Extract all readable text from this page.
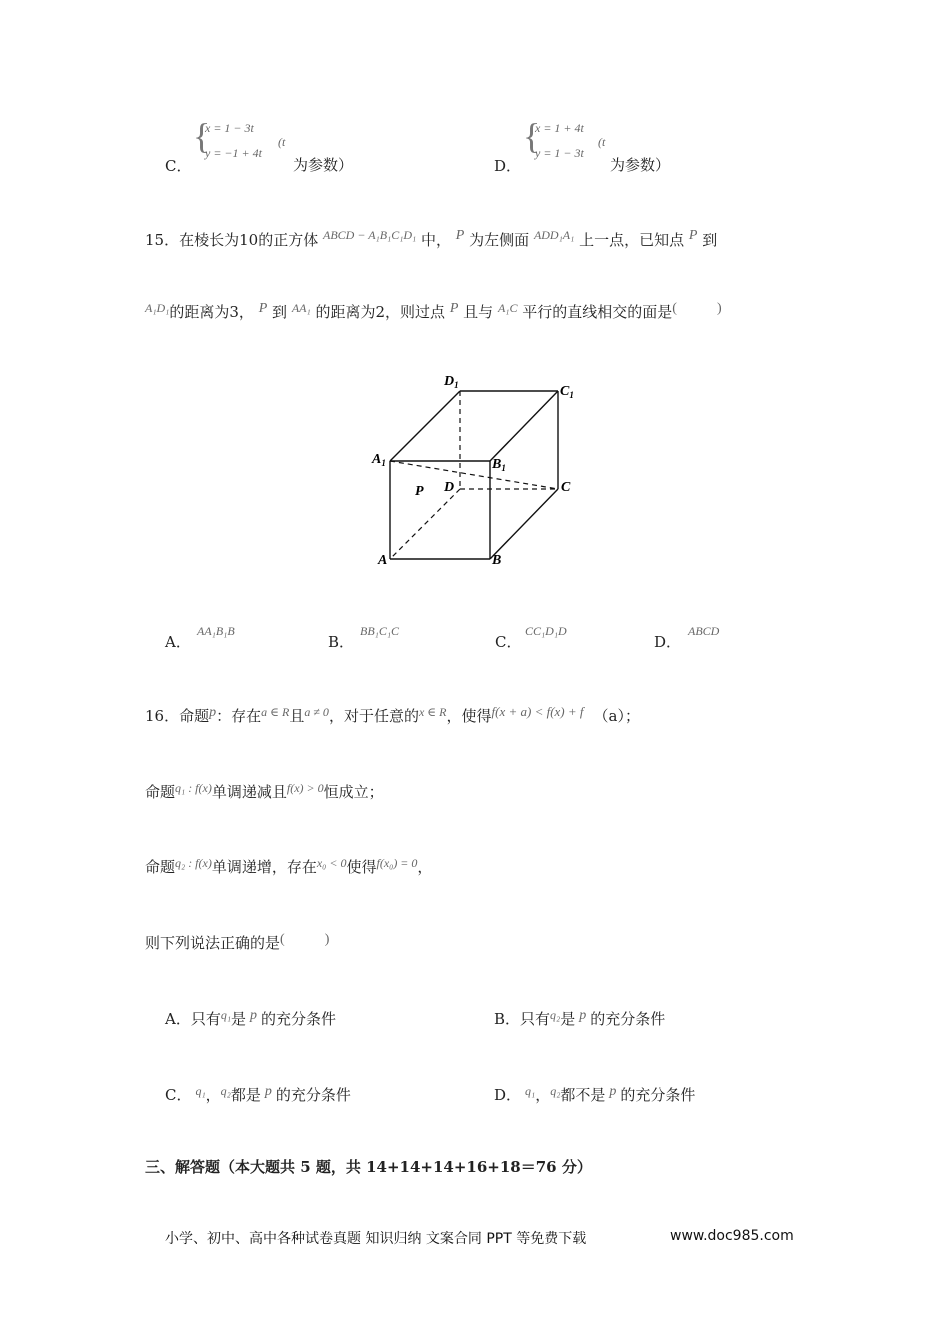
C．
{
x = 1 − 3t
y = −1 + 4t
(t
为参数）	D．
{
x = 1 + 4t
y = 1 − 3t
(t
为参数）
15．在棱长为10的正方体 $^{ABCD - A_1B_1C_1D_1}$ 中， P 为左侧面 $^{ADD_1A_1}$ 上一点，已知点 P 到
$^{A_1D_1}$的距离为3， P 到 $^{AA_1}$ 的距离为2，则过点 P 且与 $^{A_1C}$ 平行的直线相交的面是(	)
$D_1$	$C_1$
$A_1$	$B_1$
P D	C
A	B
A．
AA₁B₁B
B．
BB₁C₁C
C．
CC₁D₁D
D．
ABCD
16．命题p：存在$^{a \in R}$且$^{a \ne 0}$，对于任意的$^{x \in R}$，使得f(x + a) < f(x) + f （a）；
命题$^{q_1 : f(x)}$单调递减且$^{f(x) > 0}$恒成立；
命题$^{q_2 : f(x)}$单调递增，存在$^{x_0 < 0}$使得$^{f(x_0) = 0}$，
则下列说法正确的是(	)
A．只有$^{q_1}$是 p 的充分条件	B．只有$^{q_2}$是 p 的充分条件
C． $^{q_1}$，$^{q_2}$都是 p 的充分条件	D． $^{q_1}$，$^{q_2}$都不是 p 的充分条件
三、解答题（本大题共 5 题，共 14+14+14+16+18＝76 分）
小学、初中、高中各种试卷真题 知识归纳 文案合同 PPT 等免费下载	www.doc985.com
